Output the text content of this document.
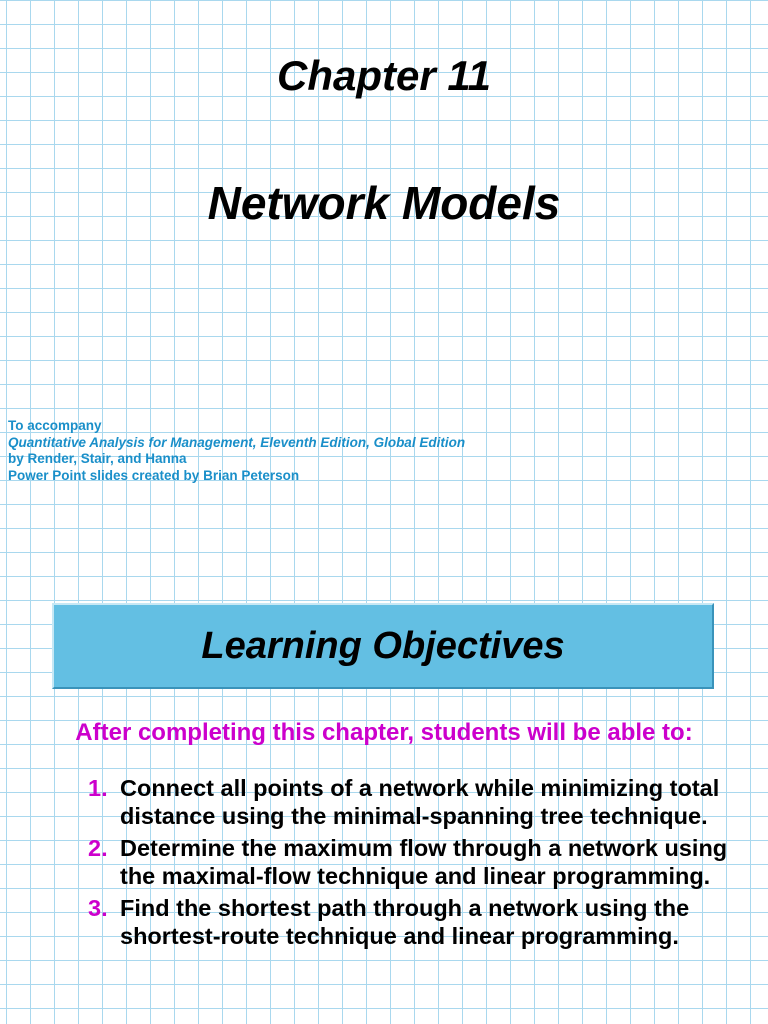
Chapter 11
Network Models
To accompany
Quantitative Analysis for Management, Eleventh Edition, Global Edition
by Render, Stair, and Hanna
Power Point slides created by Brian Peterson
Learning Objectives
After completing this chapter, students will be able to:
1. Connect all points of a network while minimizing total distance using the minimal-spanning tree technique.
2. Determine the maximum flow through a network using the maximal-flow technique and linear programming.
3. Find the shortest path through a network using the shortest-route technique and linear programming.
